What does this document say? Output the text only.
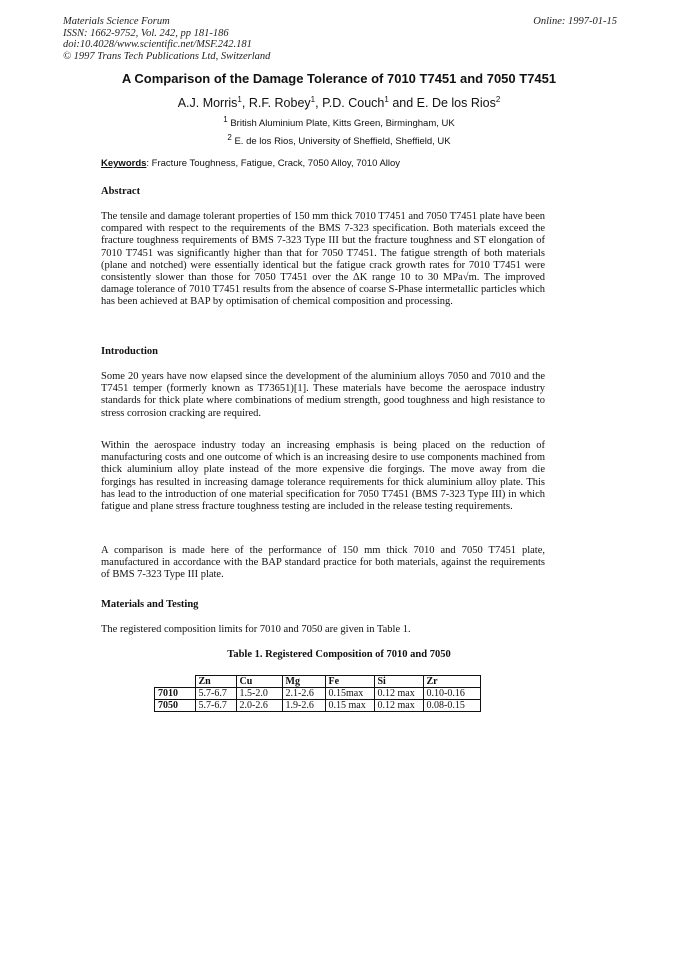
Materials Science Forum
ISSN: 1662-9752, Vol. 242, pp 181-186
doi:10.4028/www.scientific.net/MSF.242.181
© 1997 Trans Tech Publications Ltd, Switzerland
Online: 1997-01-15
A Comparison of the Damage Tolerance of 7010 T7451 and 7050 T7451
A.J. Morris$^1$, R.F. Robey$^1$, P.D. Couch$^1$ and E. De los Rios$^2$
$^1$ British Aluminium Plate, Kitts Green, Birmingham, UK
$^2$ E. de los Rios, University of Sheffield, Sheffield, UK
Keywords: Fracture Toughness, Fatigue, Crack, 7050 Alloy, 7010 Alloy
Abstract
The tensile and damage tolerant properties of 150 mm thick 7010 T7451 and 7050 T7451 plate have been compared with respect to the requirements of the BMS 7-323 specification. Both materials exceed the fracture toughness requirements of BMS 7-323 Type III but the fracture toughness and ST elongation of 7010 T7451 was significantly higher than that for 7050 T7451. The fatigue strength of both materials (plane and notched) were essentially identical but the fatigue crack growth rates for 7010 T7451 were consistently slower than those for 7050 T7451 over the ΔK range 10 to 30 MPa√m. The improved damage tolerance of 7010 T7451 results from the absence of coarse S-Phase intermetallic particles which has been achieved at BAP by optimisation of chemical composition and processing.
Introduction
Some 20 years have now elapsed since the development of the aluminium alloys 7050 and 7010 and the T7451 temper (formerly known as T73651)[1]. These materials have become the aerospace industry standards for thick plate where combinations of medium strength, good toughness and high resistance to stress corrosion cracking are required.
Within the aerospace industry today an increasing emphasis is being placed on the reduction of manufacturing costs and one outcome of which is an increasing desire to use components machined from thick aluminium alloy plate instead of the more expensive die forgings. The move away from die forgings has resulted in increasing damage tolerance requirements for thick aluminium alloy plate. This has lead to the introduction of one material specification for 7050 T7451 (BMS 7-323 Type III) in which fatigue and plane stress fracture toughness testing are included in the release testing requirements.
A comparison is made here of the performance of 150 mm thick 7010 and 7050 T7451 plate, manufactured in accordance with the BAP standard practice for both materials, against the requirements of BMS 7-323 Type III plate.
Materials and Testing
The registered composition limits for 7010 and 7050 are given in Table 1.
Table 1. Registered Composition of 7010 and 7050
	Zn	Cu	Mg	Fe	Si	Zr
7010	5.7-6.7	1.5-2.0	2.1-2.6	0.15max	0.12 max	0.10-0.16
7050	5.7-6.7	2.0-2.6	1.9-2.6	0.15 max	0.12 max	0.08-0.15
